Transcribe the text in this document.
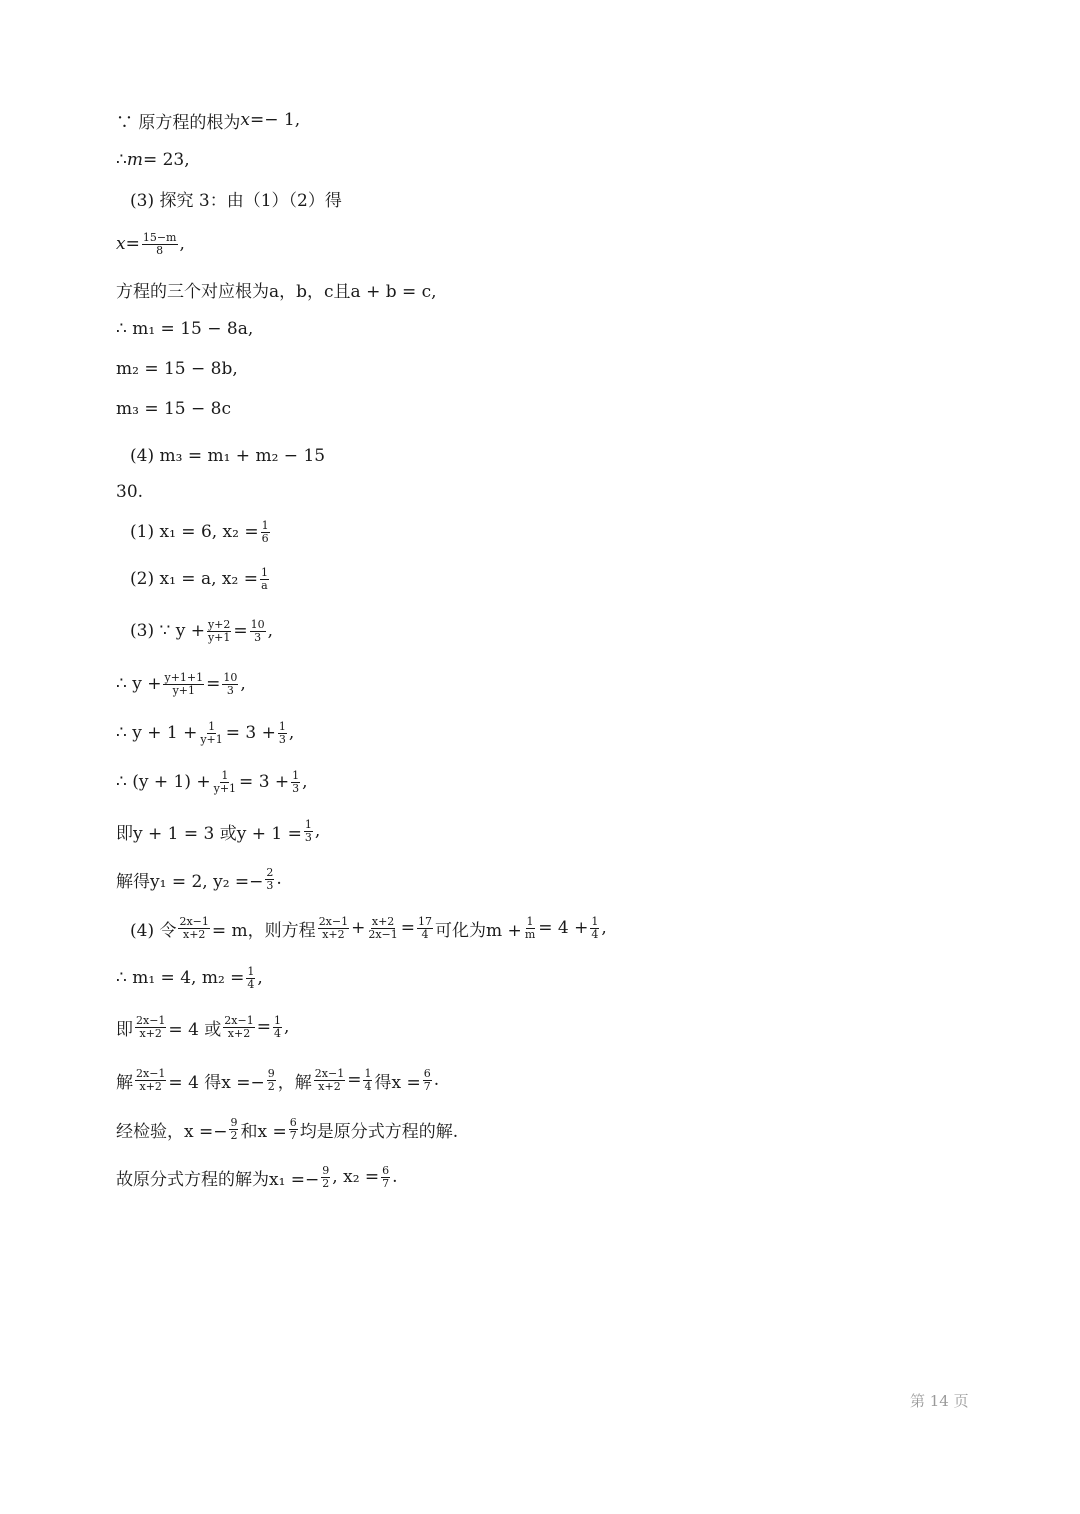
∵ 原方程的根为 x =− 1,
∴ m = 23,
(3) 探究 3：由（1）（2）得
$x = \frac{15-m}{8}$ ,
方程的三个对应根为a，b，c且a + b = c,
∴ m₁ = 15 − 8a,
m₂ = 15 − 8b,
m₃ = 15 − 8c
(4) m₃ = m₁ + m₂ − 15
30.
(1) x₁ = 6, $x_2 = \frac{1}{6}$
(2) x₁ = a, $x_2 = \frac{1}{a}$
(3) ∵ $y + \frac{y+2}{y+1} = \frac{10}{3}$ ,
∴ $y + \frac{y+1+1}{y+1} = \frac{10}{3}$ ,
∴ $y + 1 + \frac{1}{y+1} = 3 + \frac{1}{3}$ ,
∴ $(y + 1) + \frac{1}{y+1} = 3 + \frac{1}{3}$ ,
即y + 1 = 3 或$y + 1 = \frac{1}{3}$ ,
解得y₁ = 2, $y_2 =- \frac{2}{3}$ .
(4) 令 $\frac{2x-1}{x+2} = m$，则方程 $\frac{2x-1}{x+2} + \frac{x+2}{2x-1} = \frac{17}{4}$ 可化为$m + \frac{1}{m} = 4 + \frac{1}{4}$ ,
∴ m₁ = 4, $m_2 = \frac{1}{4}$ ,
即 $\frac{2x-1}{x+2} = 4$ 或 $\frac{2x-1}{x+2} = \frac{1}{4}$ ,
解 $\frac{2x-1}{x+2} = 4$ 得$x =- \frac{9}{2}$ ，解 $\frac{2x-1}{x+2} = \frac{1}{4}$ 得$x = \frac{6}{7}$ .
经检验，$x =- \frac{9}{2}$ 和$x = \frac{6}{7}$ 均是原分式方程的解.
故原分式方程的解为$x_1 =- \frac{9}{2}$ , $x_2 = \frac{6}{7}$ .
第 14 页
